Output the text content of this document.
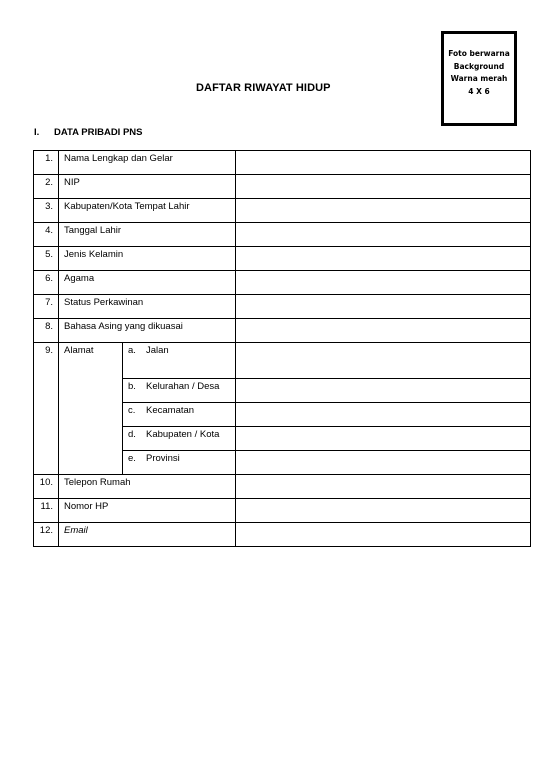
Foto berwarna
Background
Warna merah
4 X 6
DAFTAR RIWAYAT HIDUP
I. DATA PRIBADI PNS
1.	Nama Lengkap dan Gelar		
2.	NIP		
3.	Kabupaten/Kota Tempat Lahir		
4.	Tanggal Lahir		
5.	Jenis Kelamin		
6.	Agama		
7.	Status Perkawinan		
8.	Bahasa Asing yang dikuasai		
9.	Alamat	a. Jalan	
		b. Kelurahan / Desa	
		c. Kecamatan	
		d. Kabupaten / Kota	
		e. Provinsi	
10.	Telepon Rumah		
11.	Nomor HP		
12.	Email		
